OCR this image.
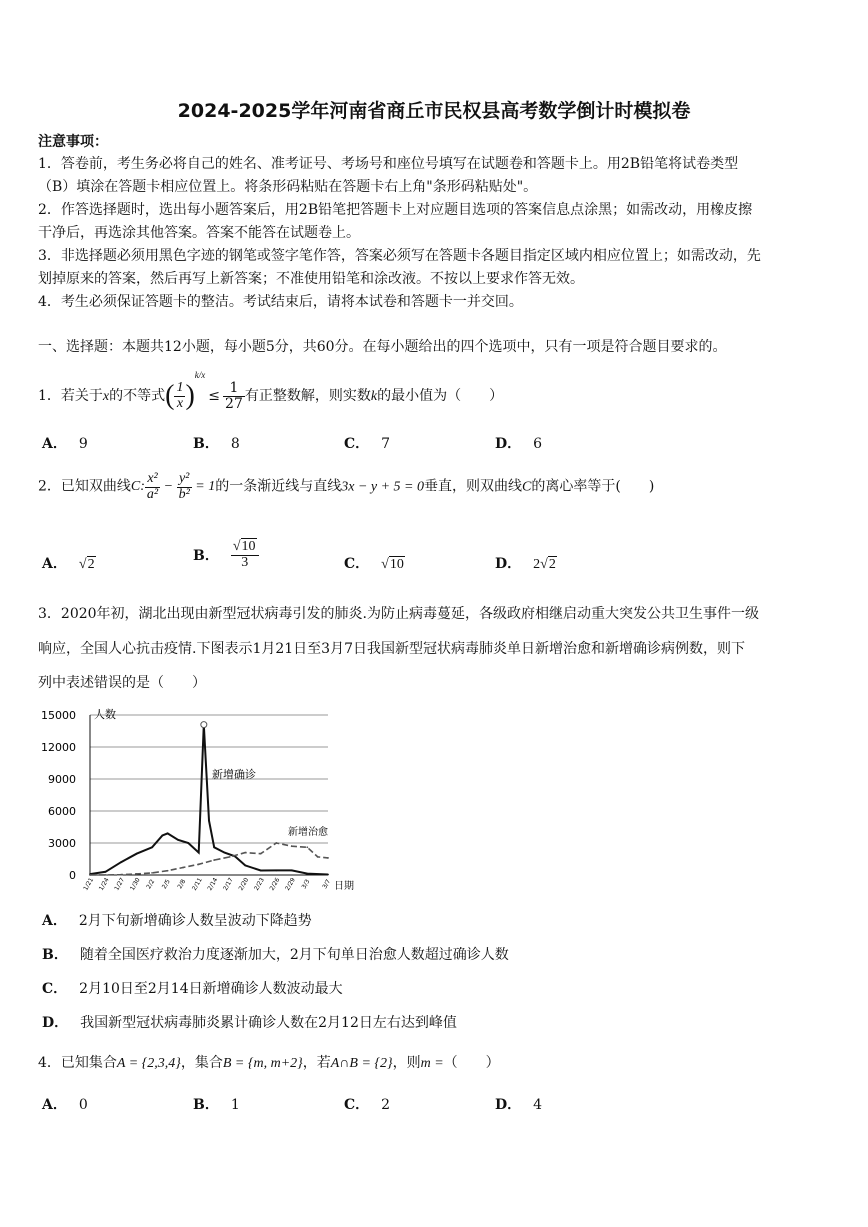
2024-2025学年河南省商丘市民权县高考数学倒计时模拟卷
注意事项：
1．答卷前，考生务必将自己的姓名、准考证号、考场号和座位号填写在试题卷和答题卡上。用2B铅笔将试卷类型
（B）填涂在答题卡相应位置上。将条形码粘贴在答题卡右上角"条形码粘贴处"。
2．作答选择题时，选出每小题答案后，用2B铅笔把答题卡上对应题目选项的答案信息点涂黑；如需改动，用橡皮擦
干净后，再选涂其他答案。答案不能答在试题卷上。
3．非选择题必须用黑色字迹的钢笔或签字笔作答，答案必须写在答题卡各题目指定区域内相应位置上；如需改动，先
划掉原来的答案，然后再写上新答案；不准使用铅笔和涂改液。不按以上要求作答无效。
4．考生必须保证答题卡的整洁。考试结束后，请将本试卷和答题卡一并交回。
一、选择题：本题共12小题，每小题5分，共60分。在每小题给出的四个选项中，只有一项是符合题目要求的。
1．若关于x的不等式( $\frac{1}{x} )^{k/x}\le \frac{1}{27}$ 有正整数解，则实数k的最小值为（　　）
A． 9	B． 8	C． 7	D． 6
2．已知双曲线C: $\frac{\text{x²}}{\text{a²}} - \frac{\text{y²}}{\text{b²}} = 1$的一条渐近线与直线3x − y + 5 = 0垂直，则双曲线C的离心率等于(　　)
A． √2
B． $\frac{√10}{3}$	C． √10	D． 2√2
3．2020年初，湖北出现由新型冠状病毒引发的肺炎.为防止病毒蔓延，各级政府相继启动重大突发公共卫生事件一级
响应，全国人心抗击疫情.下图表示1月21日至3月7日我国新型冠状病毒肺炎单日新增治愈和新增确诊病例数，则下
列中表述错误的是（　　）
0
3000
6000
9000
12000
15000
1/21 1/24 1/27 1/30 2/2 2/5 2/8 2/11 2/14 2/17 2/20 2/23 2/26 2/29 3/3 3/7
人数
日期
新增确诊
新增治愈
A． 2月下旬新增确诊人数呈波动下降趋势
B． 随着全国医疗救治力度逐渐加大，2月下旬单日治愈人数超过确诊人数
C． 2月10日至2月14日新增确诊人数波动最大
D． 我国新型冠状病毒肺炎累计确诊人数在2月12日左右达到峰值
4．已知集合A = {2,3,4}，集合B = {m, m+2}，若A∩B = {2}，则m =（　　）
A． 0	B． 1	C． 2	D． 4
